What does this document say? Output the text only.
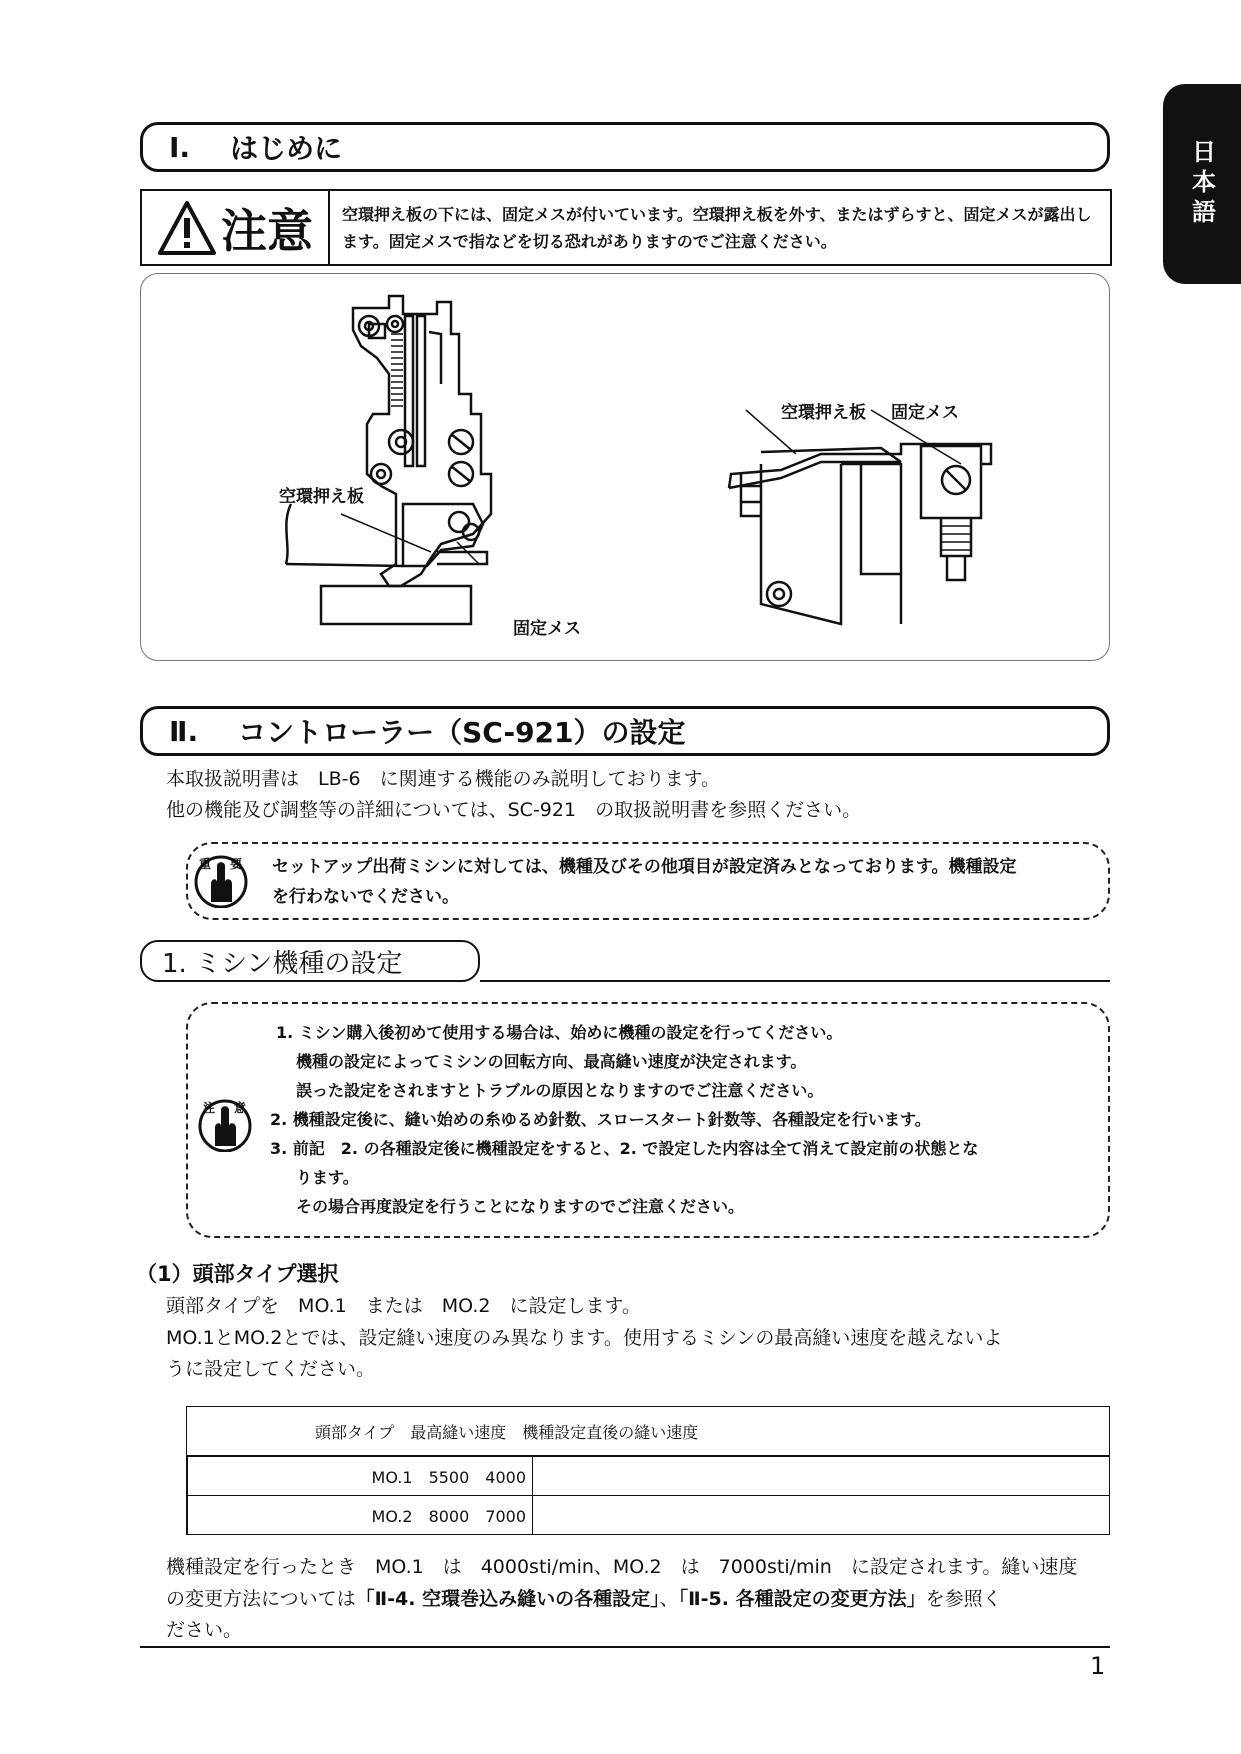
日本語
Ⅰ. はじめに
注意 空環押え板の下には、固定メスが付いています。空環押え板を外す、またはずらすと、固定メスが露出します。固定メスで指などを切る恐れがありますのでご注意ください。
空環押え板
固定メス
空環押え板 固定メス
Ⅱ. コントローラー（SC-921）の設定
本取扱説明書は　LB-6　に関連する機能のみ説明しております。
他の機能及び調整等の詳細については、SC-921　の取扱説明書を参照ください。
重 要 セットアップ出荷ミシンに対しては、機種及びその他項目が設定済みとなっております。機種設定
を行わないでください。
1. ミシン機種の設定
注 意
1. ミシン購入後初めて使用する場合は、始めに機種の設定を行ってください。
機種の設定によってミシンの回転方向、最高縫い速度が決定されます。
誤った設定をされますとトラブルの原因となりますのでご注意ください。
2. 機種設定後に、縫い始めの糸ゆるめ針数、スロースタート針数等、各種設定を行います。
3. 前記　2. の各種設定後に機種設定をすると、2. で設定した内容は全て消えて設定前の状態とな
ります。
その場合再度設定を行うことになりますのでご注意ください。
（1）頭部タイプ選択
頭部タイプを　MO.1　または　MO.2　に設定します。
MO.1とMO.2とでは、設定縫い速度のみ異なります。使用するミシンの最高縫い速度を越えないよ
うに設定してください。
頭部タイプ　最高縫い速度　機種設定直後の縫い速度	
	MO.1　5500　4000	
	MO.2　8000　7000	
機種設定を行ったとき　MO.1　は　4000sti/min、MO.2　は　7000sti/min　に設定されます。縫い速度
の変更方法については「Ⅱ-4. 空環巻込み縫いの各種設定」、「Ⅱ-5. 各種設定の変更方法」を参照く
ださい。
1
